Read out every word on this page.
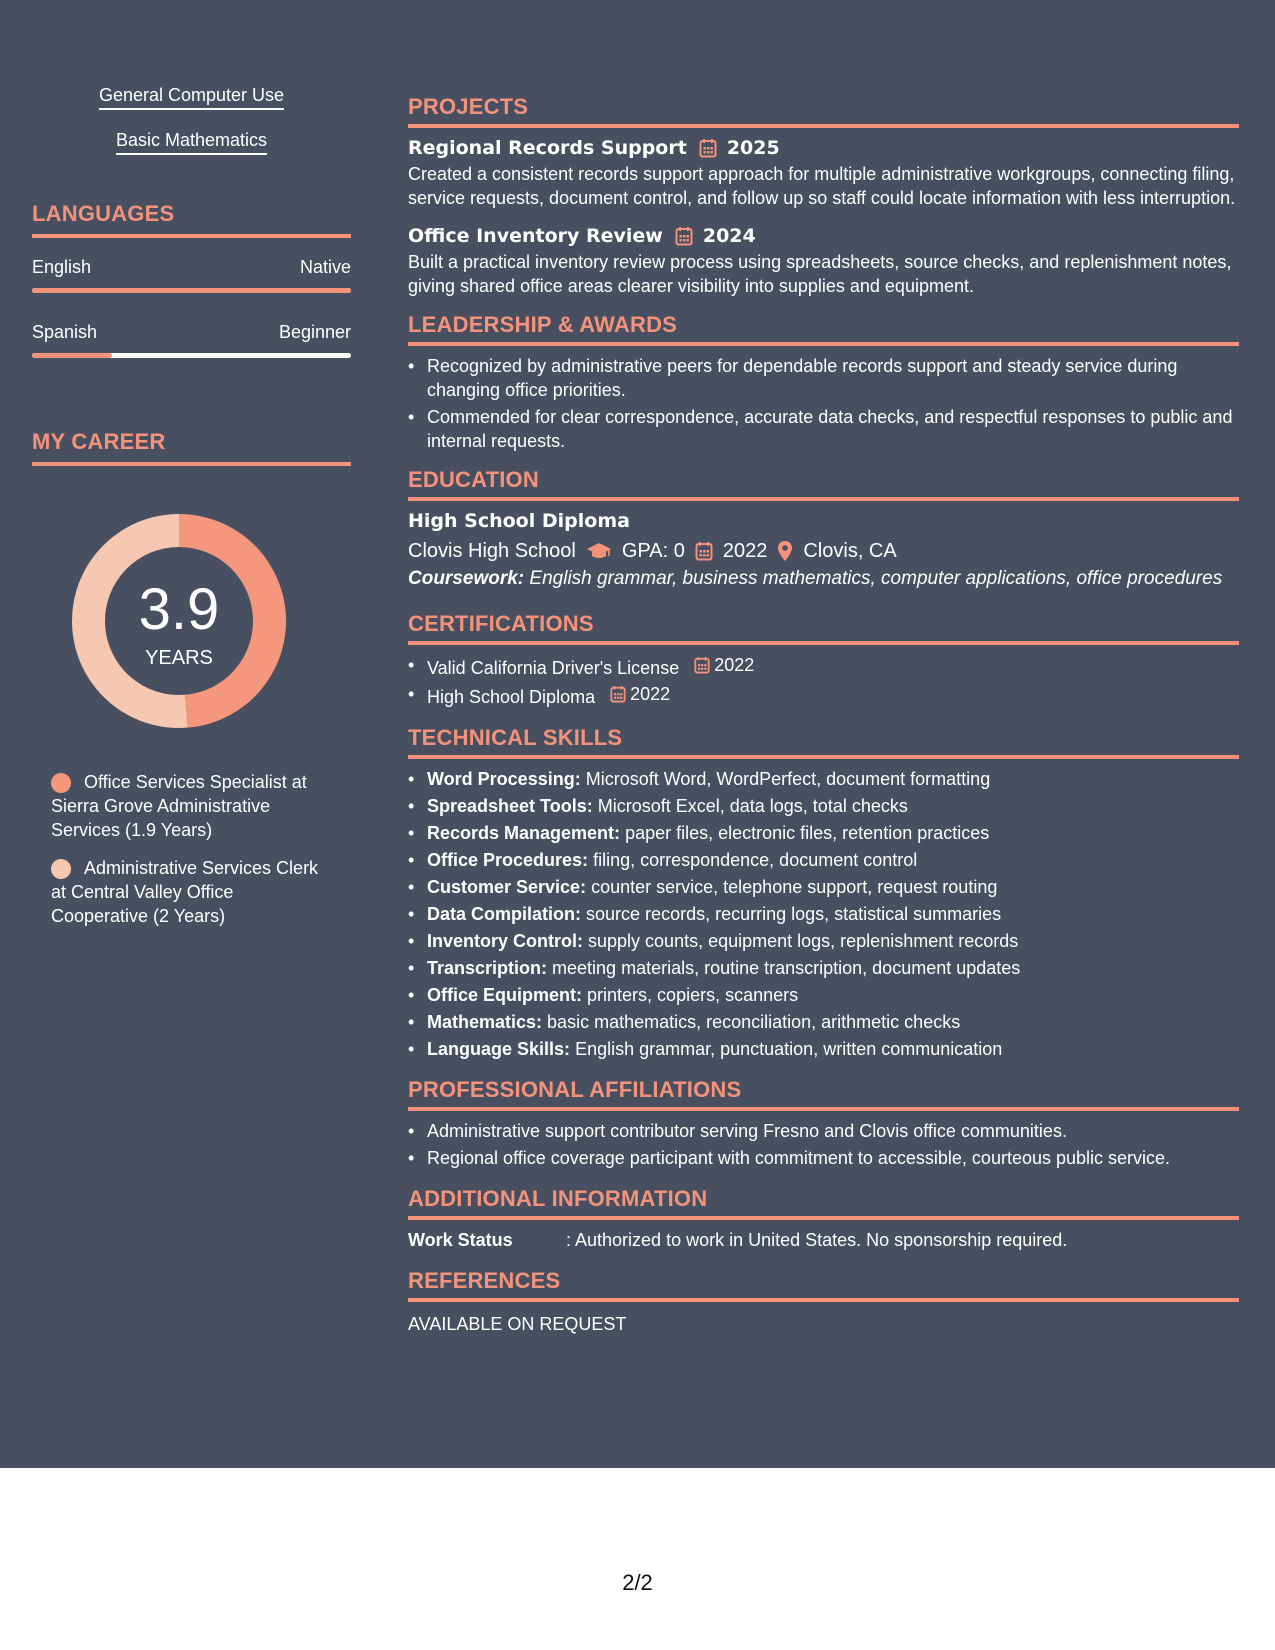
General Computer Use
Basic Mathematics
LANGUAGES
English	Native
Spanish	Beginner
MY CAREER
3.9
YEARS
Office Services Specialist at Sierra Grove Administrative Services (1.9 Years)
Administrative Services Clerk at Central Valley Office Cooperative (2 Years)
PROJECTS
Regional Records Support 2025
Created a consistent records support approach for multiple administrative workgroups, connecting filing, service requests, document control, and follow up so staff could locate information with less interruption.
Office Inventory Review 2024
Built a practical inventory review process using spreadsheets, source checks, and replenishment notes, giving shared office areas clearer visibility into supplies and equipment.
LEADERSHIP & AWARDS
• Recognized by administrative peers for dependable records support and steady service during changing office priorities.
• Commended for clear correspondence, accurate data checks, and respectful responses to public and internal requests.
EDUCATION
High School Diploma
Clovis High School GPA: 0 2022 Clovis, CA
Coursework: English grammar, business mathematics, computer applications, office procedures
CERTIFICATIONS
• Valid California Driver's License 2022
• High School Diploma 2022
TECHNICAL SKILLS
• Word Processing: Microsoft Word, WordPerfect, document formatting
• Spreadsheet Tools: Microsoft Excel, data logs, total checks
• Records Management: paper files, electronic files, retention practices
• Office Procedures: filing, correspondence, document control
• Customer Service: counter service, telephone support, request routing
• Data Compilation: source records, recurring logs, statistical summaries
• Inventory Control: supply counts, equipment logs, replenishment records
• Transcription: meeting materials, routine transcription, document updates
• Office Equipment: printers, copiers, scanners
• Mathematics: basic mathematics, reconciliation, arithmetic checks
• Language Skills: English grammar, punctuation, written communication
PROFESSIONAL AFFILIATIONS
• Administrative support contributor serving Fresno and Clovis office communities.
• Regional office coverage participant with commitment to accessible, courteous public service.
ADDITIONAL INFORMATION
Work Status	: Authorized to work in United States. No sponsorship required.
REFERENCES
AVAILABLE ON REQUEST
2/2
